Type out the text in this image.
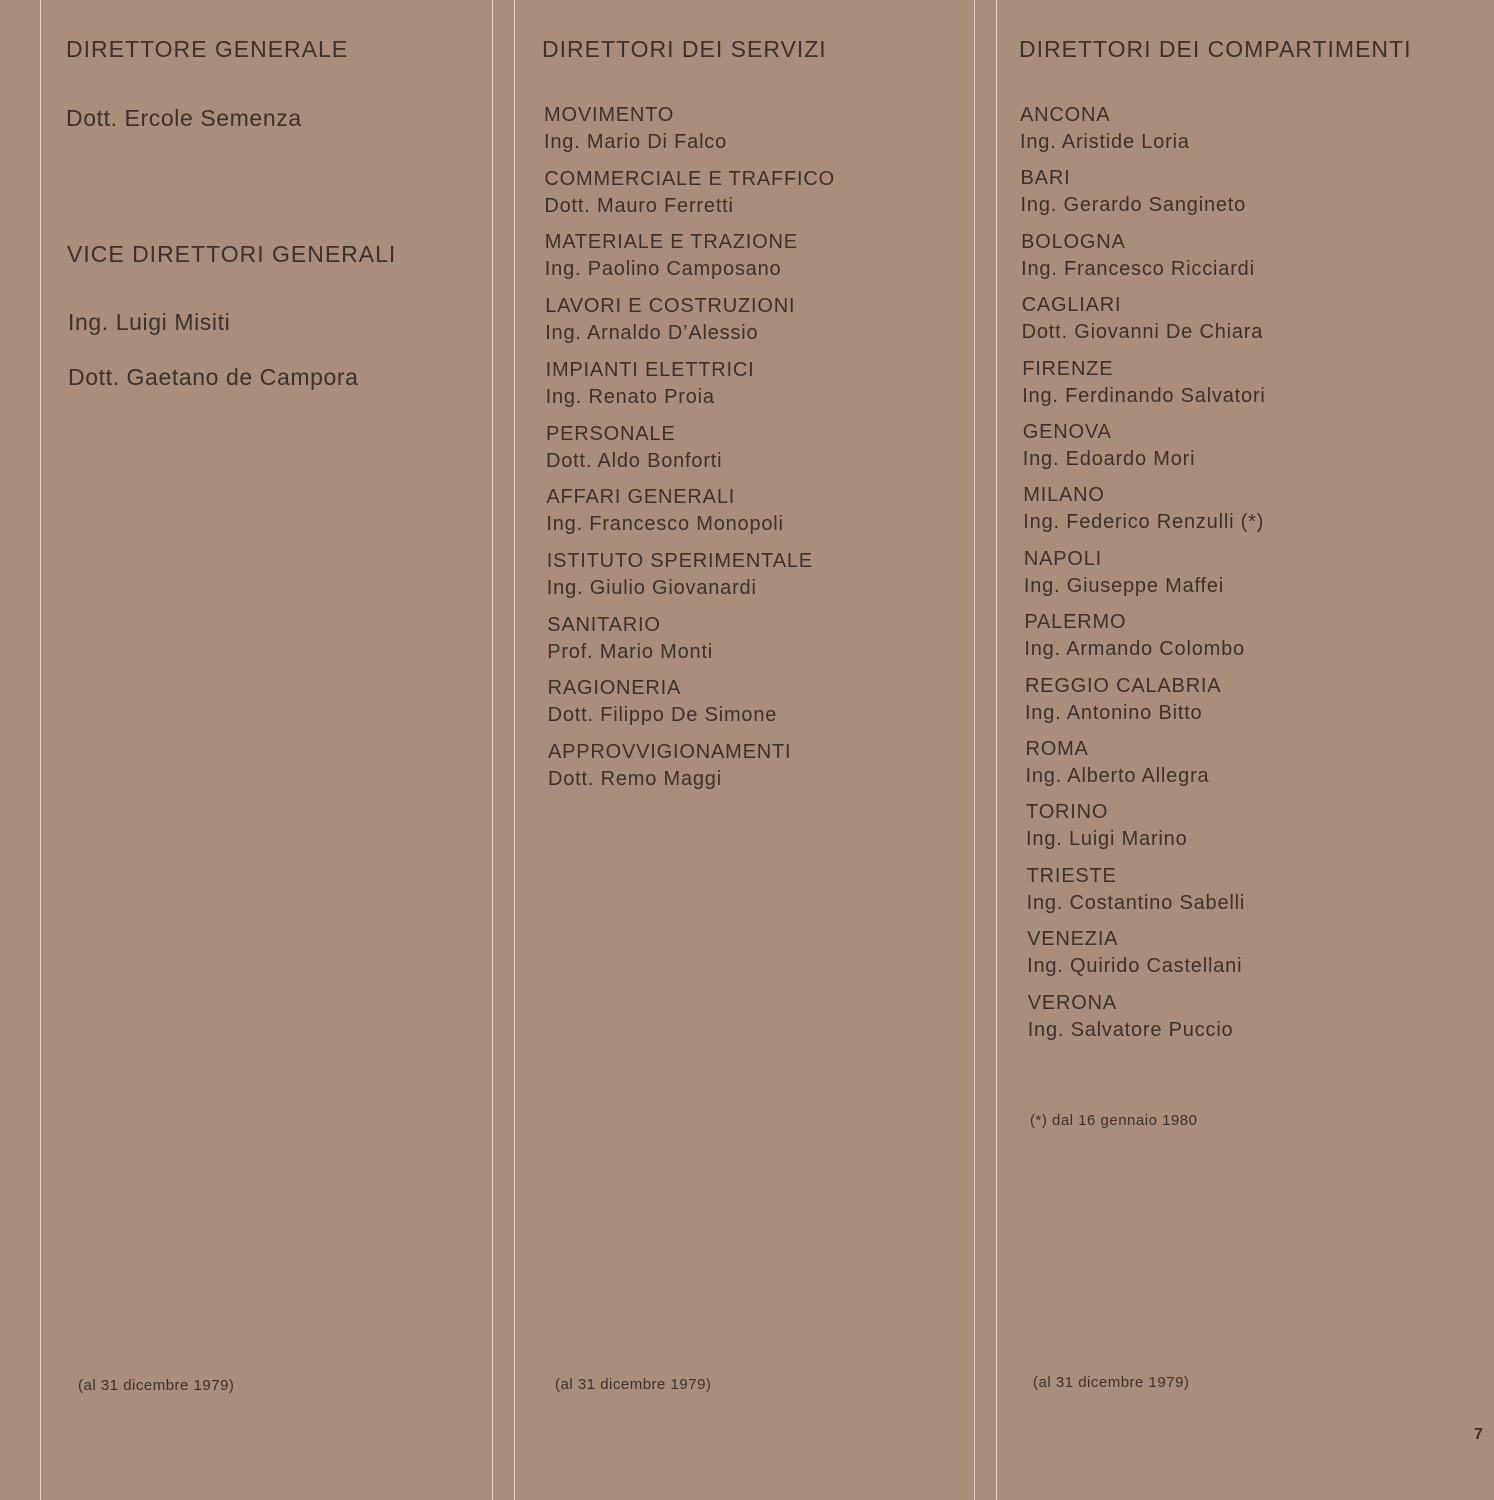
DIRETTORE GENERALE
Dott. Ercole Semenza
VICE DIRETTORI GENERALI
Ing. Luigi Misiti
Dott. Gaetano de Campora
(al 31 dicembre 1979)
DIRETTORI DEI SERVIZI
MOVIMENTO
Ing. Mario Di Falco
COMMERCIALE E TRAFFICO
Dott. Mauro Ferretti
MATERIALE E TRAZIONE
Ing. Paolino Camposano
LAVORI E COSTRUZIONI
Ing. Arnaldo D’Alessio
IMPIANTI ELETTRICI
Ing. Renato Proia
PERSONALE
Dott. Aldo Bonforti
AFFARI GENERALI
Ing. Francesco Monopoli
ISTITUTO SPERIMENTALE
Ing. Giulio Giovanardi
SANITARIO
Prof. Mario Monti
RAGIONERIA
Dott. Filippo De Simone
APPROVVIGIONAMENTI
Dott. Remo Maggi
(al 31 dicembre 1979)
DIRETTORI DEI COMPARTIMENTI
ANCONA
Ing. Aristide Loria
BARI
Ing. Gerardo Sangineto
BOLOGNA
Ing. Francesco Ricciardi
CAGLIARI
Dott. Giovanni De Chiara
FIRENZE
Ing. Ferdinando Salvatori
GENOVA
Ing. Edoardo Mori
MILANO
Ing. Federico Renzulli (*)
NAPOLI
Ing. Giuseppe Maffei
PALERMO
Ing. Armando Colombo
REGGIO CALABRIA
Ing. Antonino Bitto
ROMA
Ing. Alberto Allegra
TORINO
Ing. Luigi Marino
TRIESTE
Ing. Costantino Sabelli
VENEZIA
Ing. Quirido Castellani
VERONA
Ing. Salvatore Puccio
(*) dal 16 gennaio 1980
(al 31 dicembre 1979)
7
